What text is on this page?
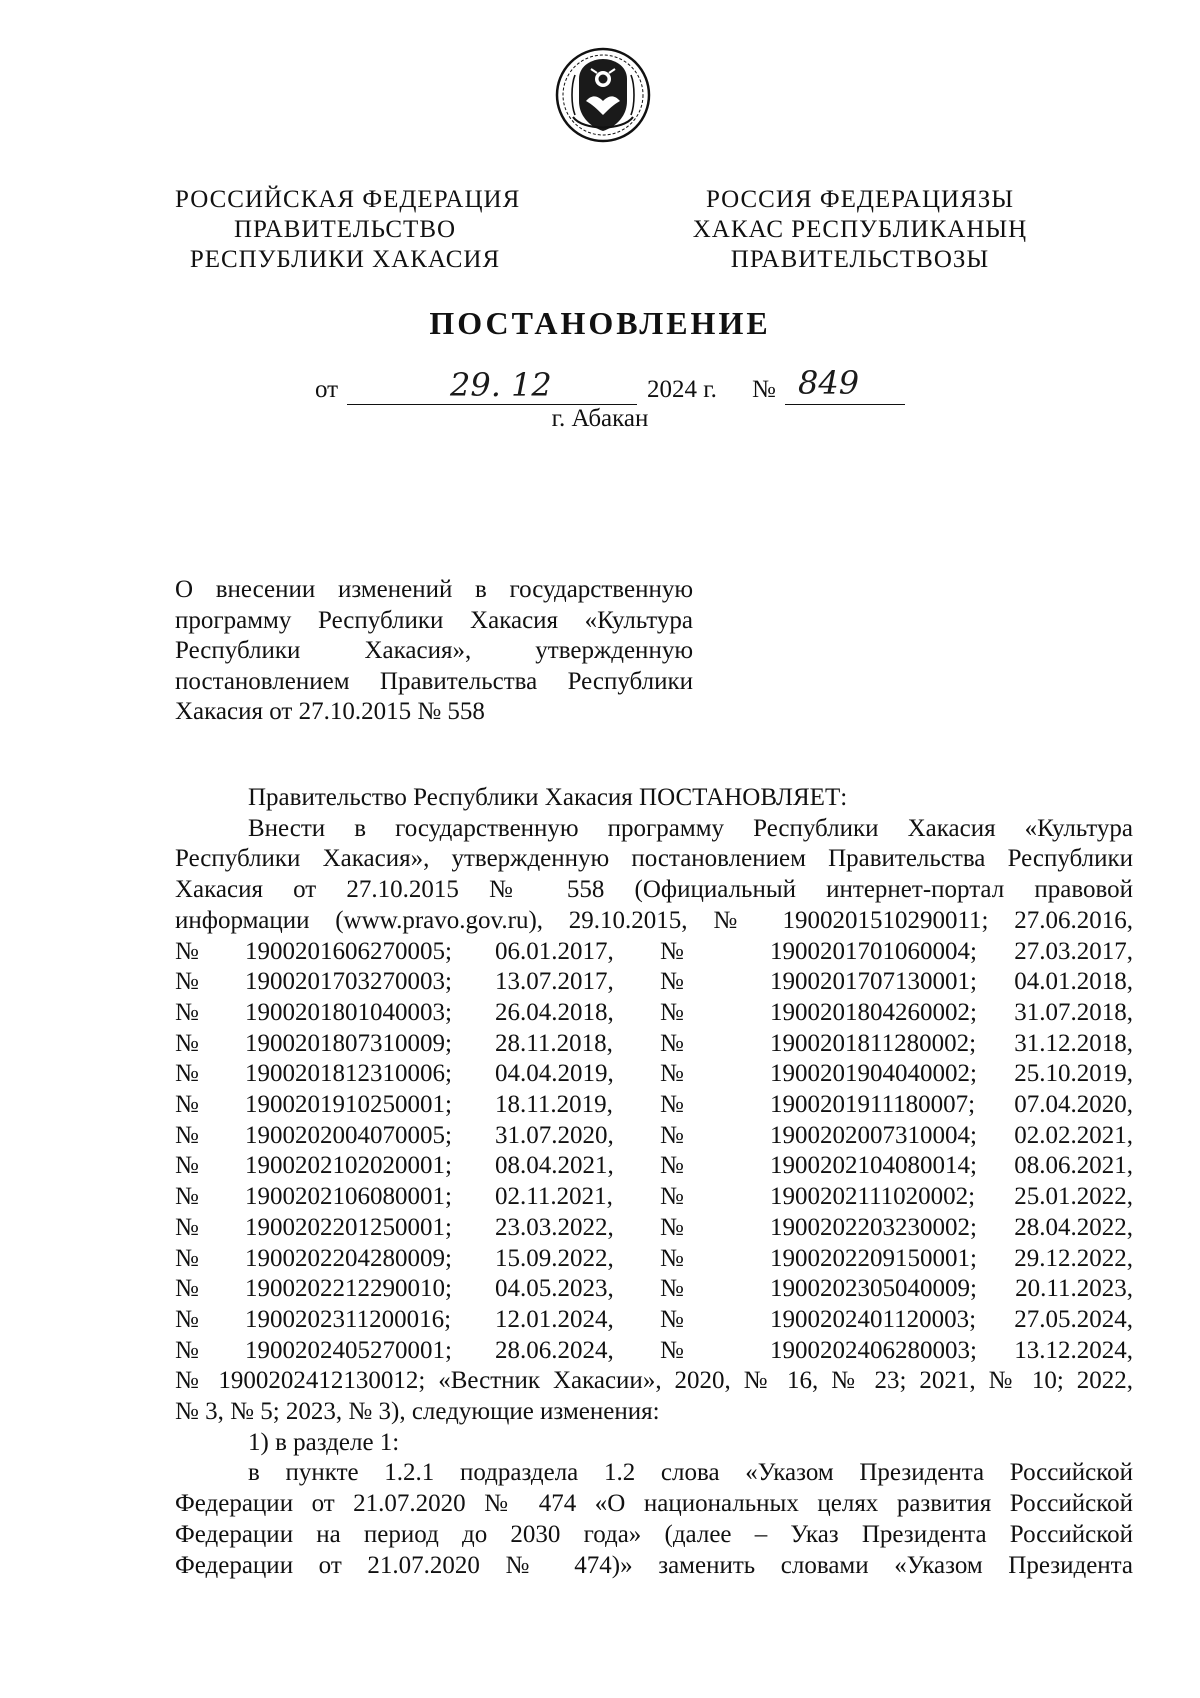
РОССИЙСКАЯ ФЕДЕРАЦИЯ
ПРАВИТЕЛЬСТВО
РЕСПУБЛИКИ ХАКАСИЯ
РОССИЯ ФЕДЕРАЦИЯЗЫ
ХАКАС РЕСПУБЛИКАНЫҢ
ПРАВИТЕЛЬСТВОЗЫ
ПОСТАНОВЛЕНИЕ
от	29. 12	2024 г. № 849
г. Абакан
О внесении изменений в государственную
программу Республики Хакасия «Культура
Республики Хакасия», утвержденную
постановлением Правительства Республики
Хакасия от 27.10.2015 № 558
Правительство Республики Хакасия ПОСТАНОВЛЯЕТ:
Внести в государственную программу Республики Хакасия «Культура
Республики Хакасия», утвержденную постановлением Правительства Республики
Хакасия от 27.10.2015 № 558 (Официальный интернет-портал правовой
информации (www.pravo.gov.ru), 29.10.2015, № 1900201510290011; 27.06.2016,
№	1900201606270005;	06.01.2017,	№	1900201701060004;	27.03.2017,
№	1900201703270003;	13.07.2017,	№	1900201707130001;	04.01.2018,
№	1900201801040003;	26.04.2018,	№	1900201804260002;	31.07.2018,
№	1900201807310009;	28.11.2018,	№	1900201811280002;	31.12.2018,
№	1900201812310006;	04.04.2019,	№	1900201904040002;	25.10.2019,
№	1900201910250001;	18.11.2019,	№	1900201911180007;	07.04.2020,
№	1900202004070005;	31.07.2020,	№	1900202007310004;	02.02.2021,
№	1900202102020001;	08.04.2021,	№	1900202104080014;	08.06.2021,
№	1900202106080001;	02.11.2021,	№	1900202111020002;	25.01.2022,
№	1900202201250001;	23.03.2022,	№	1900202203230002;	28.04.2022,
№	1900202204280009;	15.09.2022,	№	1900202209150001;	29.12.2022,
№	1900202212290010;	04.05.2023,	№	1900202305040009;	20.11.2023,
№	1900202311200016;	12.01.2024,	№	1900202401120003;	27.05.2024,
№	1900202405270001;	28.06.2024,	№	1900202406280003;	13.12.2024,
№ 1900202412130012; «Вестник Хакасии», 2020, № 16, № 23; 2021, № 10; 2022,
№ 3, № 5; 2023, № 3), следующие изменения:
1) в разделе 1:
в пункте 1.2.1 подраздела 1.2 слова «Указом Президента Российской
Федерации от 21.07.2020 № 474 «О национальных целях развития Российской
Федерации на период до 2030 года» (далее – Указ Президента Российской
Федерации от 21.07.2020 № 474)» заменить словами «Указом Президента
